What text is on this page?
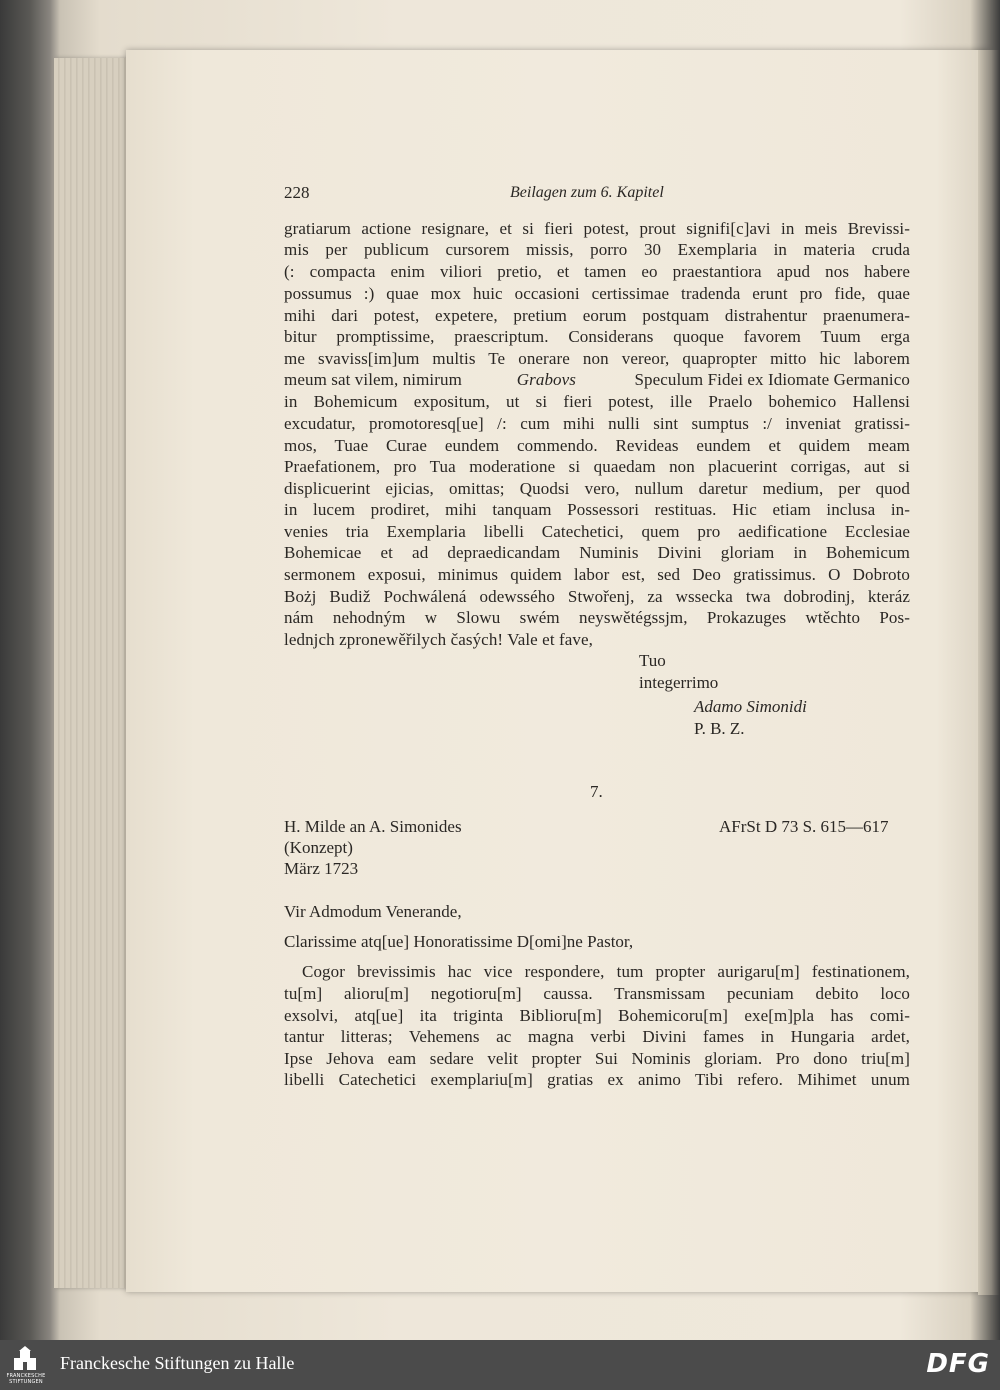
228	Beilagen zum 6. Kapitel
gratiarum actione resignare, et si fieri potest, prout signifi[c]avi in meis Brevissi-
mis per publicum cursorem missis, porro 30 Exemplaria in materia cruda
(: compacta enim viliori pretio, et tamen eo praestantiora apud nos habere
possumus :) quae mox huic occasioni certissimae tradenda erunt pro fide, quae
mihi dari potest, expetere, pretium eorum postquam distrahentur praenumera-
bitur promptissime, praescriptum. Considerans quoque favorem Tuum erga
me svaviss[im]um multis Te onerare non vereor, quapropter mitto hic laborem
meum sat vilem, nimirum	Grabovs	Speculum Fidei ex Idiomate Germanico
in Bohemicum expositum, ut si fieri potest, ille Praelo bohemico Hallensi
excudatur, promotoresq[ue] /: cum mihi nulli sint sumptus :/ inveniat gratissi-
mos, Tuae Curae eundem commendo. Revideas eundem et quidem meam
Praefationem, pro Tua moderatione si quaedam non placuerint corrigas, aut si
displicuerint ejicias, omittas; Quodsi vero, nullum daretur medium, per quod
in lucem prodiret, mihi tanquam Possessori restituas. Hic etiam inclusa in-
venies tria Exemplaria libelli Catechetici, quem pro aedificatione Ecclesiae
Bohemicae et ad depraedicandam Numinis Divini gloriam in Bohemicum
sermonem exposui, minimus quidem labor est, sed Deo gratissimus. O Dobroto
Bożj Budiž Pochwálená odewsséhо Stwořenj, za wssecka twa dobrodinj, kteráz
nám nehodným w Slowu swém neyswětégssjm, Prokazuges wtěchto Pos-
lednjch zpronewěřilych časých! Vale et fave,
Tuo
integerrimo
Adamo Simonidi
P. B. Z.
7.
H. Milde an A. Simonides
(Konzept)
März 1723
AFrSt D 73 S. 615—617
Vir Admodum Venerande,
Clarissime atq[ue] Honoratissime D[omi]ne Pastor,
Cogor brevissimis hac vice respondere, tum propter aurigaru[m] festinationem,
tu[m] alioru[m] negotioru[m] caussa. Transmissam pecuniam debito loco
exsolvi, atq[ue] ita triginta Biblioru[m] Bohemicoru[m] exe[m]pla has comi-
tantur litteras; Vehemens ac magna verbi Divini fames in Hungaria ardet,
Ipse Jehova eam sedare velit propter Sui Nominis gloriam. Pro dono triu[m]
libelli Catechetici exemplariu[m] gratias ex animo Tibi refero. Mihimet unum
FRANCKESCHE STIFTUNGEN
Franckesche Stiftungen zu Halle	DFG
